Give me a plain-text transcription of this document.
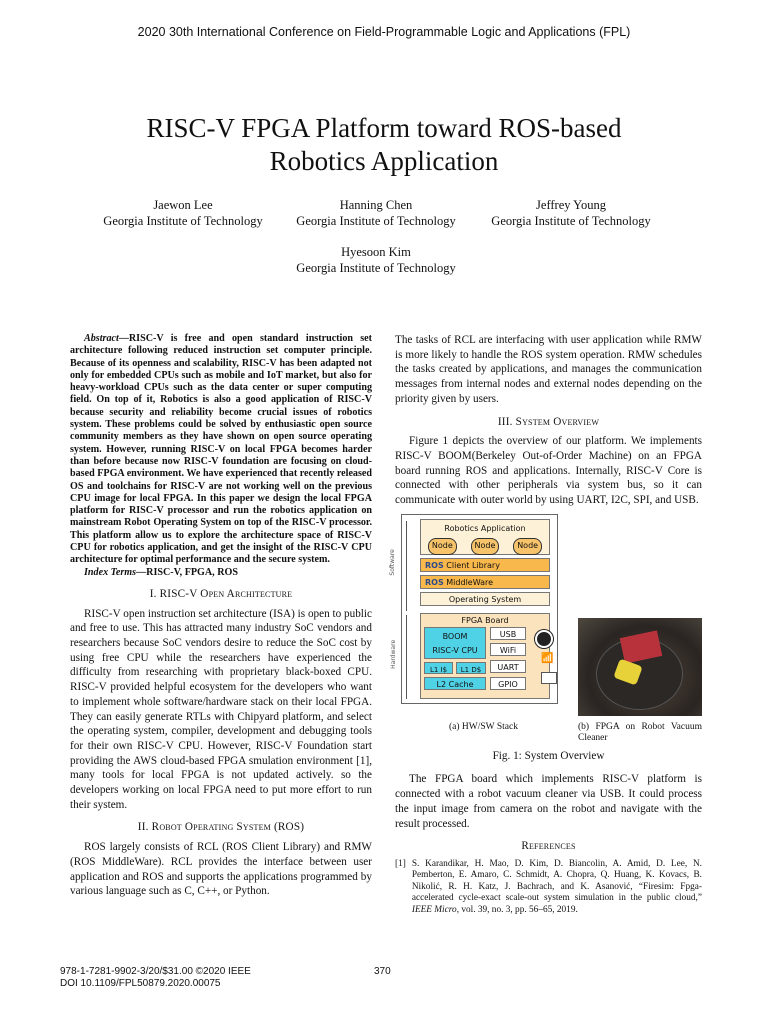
2020 30th International Conference on Field-Programmable Logic and Applications (FPL)
RISC-V FPGA Platform toward ROS-based
Robotics Application
Jaewon Lee
Georgia Institute of Technology
Hanning Chen
Georgia Institute of Technology
Jeffrey Young
Georgia Institute of Technology
Hyesoon Kim
Georgia Institute of Technology
Abstract—RISC-V is free and open standard instruction set architecture following reduced instruction set computer principle. Because of its openness and scalability, RISC-V has been adapted not only for embedded CPUs such as mobile and IoT market, but also for heavy-workload CPUs such as the data center or super computing field. On top of it, Robotics is also a good application of RISC-V because security and reliability become crucial issues of robotics system. These problems could be solved by enthusiastic open source community members as they have shown on open source operating system. However, running RISC-V on local FPGA becomes harder than before because now RISC-V foundation are focusing on cloud-based FPGA environment. We have experienced that recently released OS and toolchains for RISC-V are not working well on the previous CPU image for local FPGA. In this paper we design the local FPGA platform for RISC-V processor and run the robotics application on mainstream Robot Operating System on top of the RISC-V processor. This platform allow us to explore the architecture space of RISC-V CPU for robotics application, and get the insight of the RISC-V CPU architecture for optimal performance and the secure system.
Index Terms—RISC-V, FPGA, ROS
I. RISC-V Open Architecture

RISC-V open instruction set architecture (ISA) is open to public and free to use. This has attracted many industry SoC vendors and researchers because SoC vendors desire to reduce the SoC cost by using free CPU while the researchers have experienced the difficulty from researching with proprietary black-boxed CPU. RISC-V provided helpful ecosystem for the developers who want to implement whole software/hardware stack on their local FPGA. They can easily generate RTLs with Chipyard platform, and select the operating system, compiler, development and debugging tools for their own RISC-V CPU. However, RISC-V Foundation start providing the AWS cloud-based FPGA smulation environment [1], many tools for local FPGA is not updated actively. so the developers working on local FPGA need to put more effort to run their system.

II. Robot Operating System (ROS)

ROS largely consists of RCL (ROS Client Library) and RMW (ROS MiddleWare). RCL provides the interface between user application and ROS and supports the applications programmed by various language such as C, C++, or Python.

The tasks of RCL are interfacing with user application while RMW is more likely to handle the ROS system operation. RMW schedules the tasks created by applications, and manages the communication messages from internal nodes and external nodes depending on the priority given by users.

III. System Overview

Figure 1 depicts the overview of our platform. We implements RISC-V BOOM(Berkeley Out-of-Order Machine) on an FPGA board running ROS and applications. Internally, RISC-V Core is connected with other peripherals via system bus, so it can communicate with outer world by using UART, I2C, SPI, and USB.

Robotics Application
Node	Node	Node
ROS Client Library
ROS MiddleWare
Operating System
FPGA Board
BOOM
RISC-V CPU
L1 I$	L1 D$
L2 Cache
USB
WiFi
UART
GPIO
Software
Hardware	📶
(a) HW/SW Stack	(b) FPGA on Robot Vacuum Cleaner
Fig. 1: System Overview

The FPGA board which implements RISC-V platform is connected with a robot vacuum cleaner via USB. It could process the input image from camera on the robot and navigate with the result processed.

References
[1] S. Karandikar, H. Mao, D. Kim, D. Biancolin, A. Amid, D. Lee, N. Pemberton, E. Amaro, C. Schmidt, A. Chopra, Q. Huang, K. Kovacs, B. Nikolić, R. H. Katz, J. Bachrach, and K. Asanović, “Firesim: Fpga-accelerated cycle-exact scale-out system simulation in the public cloud,” IEEE Micro, vol. 39, no. 3, pp. 56–65, 2019.
978-1-7281-9902-3/20/$31.00 ©2020 IEEE
DOI 10.1109/FPL50879.2020.00075
370
